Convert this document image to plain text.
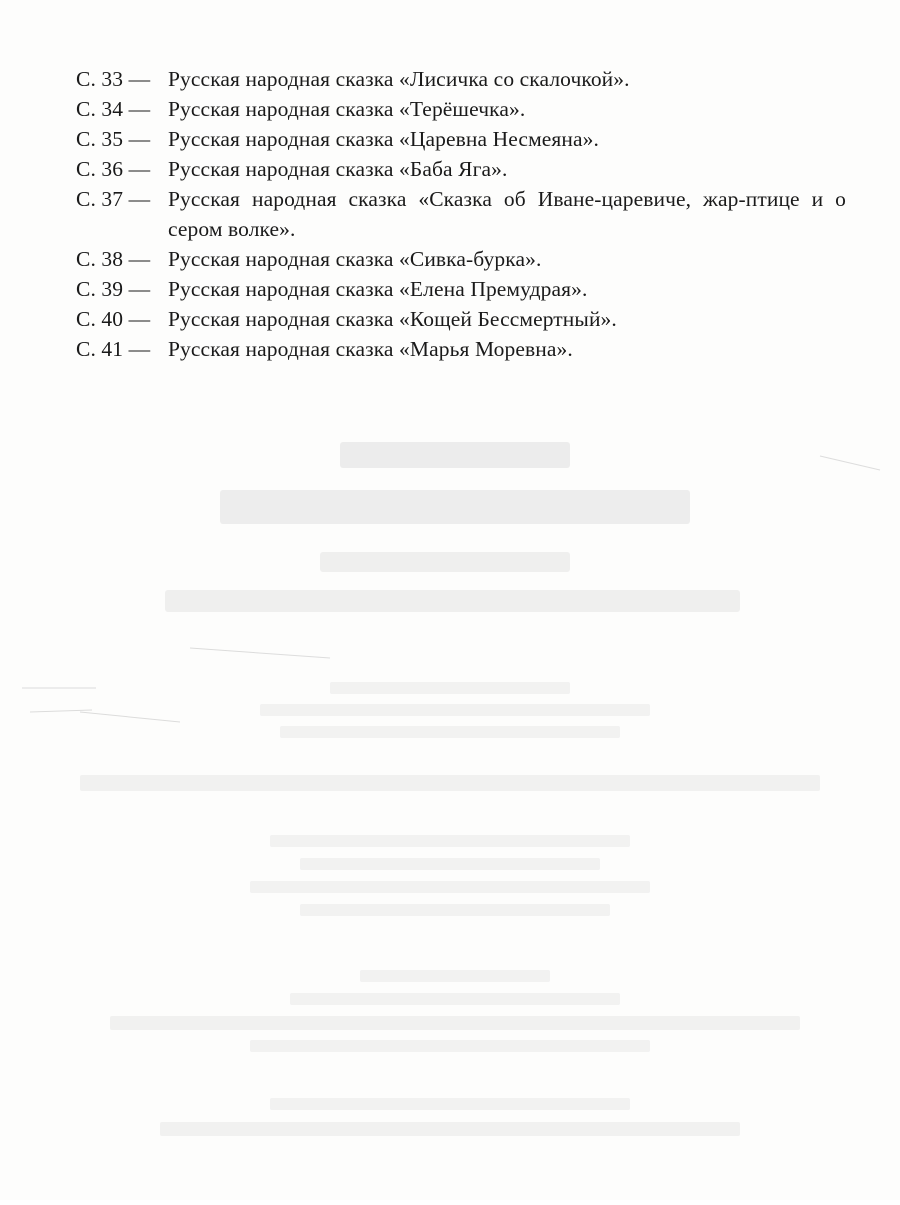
С. 33 — Русская народная сказка «Лисичка со скалочкой».
С. 34 — Русская народная сказка «Терёшечка».
С. 35 — Русская народная сказка «Царевна Несмеяна».
С. 36 — Русская народная сказка «Баба Яга».
С. 37 — Русская народная сказка «Сказка об Иване-царевиче, жар-птице и о сером волке».
С. 38 — Русская народная сказка «Сивка-бурка».
С. 39 — Русская народная сказка «Елена Премудрая».
С. 40 — Русская народная сказка «Кощей Бессмертный».
С. 41 — Русская народная сказка «Марья Моревна».
